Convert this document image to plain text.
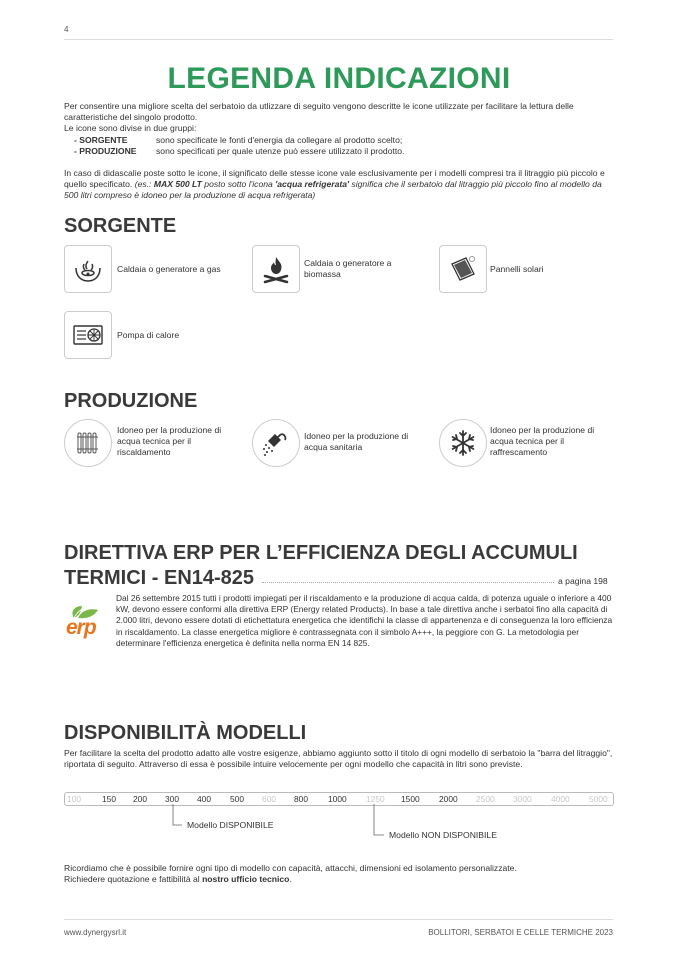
4
LEGENDA INDICAZIONI

Per consentire una migliore scelta del serbatoio da utlizzare di seguito vengono descritte le icone utilizzate per facilitare la lettura delle caratteristiche del singolo prodotto.

Le icone sono divise in due gruppi:

- SORGENTE	sono specificate le fonti d'energia da collegare al prodotto scelto;
- PRODUZIONE	sono specificati per quale utenze può essere utilizzato il prodotto.

In caso di didascalie poste sotto le icone, il significato delle stesse icone vale esclusivamente per i modelli compresi tra il litraggio più piccolo e quello specificato. (es.: MAX 500 LT posto sotto l'icona 'acqua refrigerata' significa che il serbatoio dal litraggio più piccolo fino al modello da 500 litri compreso è idoneo per la produzione di acqua refrigerata)

SORGENTE
Caldaia o generatore a gas
Caldaia o generatore a biomassa	Pannelli solari
Pompa di calore
PRODUZIONE
Idoneo per la produzione di acqua tecnica per il riscaldamento
Idoneo per la produzione di acqua sanitaria
Idoneo per la produzione di acqua tecnica per il raffrescamento
DIRETTIVA ERP PER L’EFFICIENZA DEGLI ACCUMULI
TERMICI - EN14-825	a pagina 198
erp
Dal 26 settembre 2015 tutti i prodotti impiegati per il riscaldamento e la produzione di acqua calda, di potenza uguale o inferiore a 400 kW, devono essere conformi alla direttiva ERP (Energy related Products). In base a tale direttiva anche i serbatoi fino alla capacità di 2.000 litri, devono essere dotati di etichettatura energetica che identifichi la classe di appartenenza e di conseguenza la loro efficienza in riscaldamento. La classe energetica migliore è contrassegnata con il simbolo A+++, la peggiore con G. La metodologia per determinare l'efficienza energetica è definita nella norma EN 14 825.
DISPONIBILITÀ MODELLI
Per facilitare la scelta del prodotto adatto alle vostre esigenze, abbiamo aggiunto sotto il titolo di ogni modello di serbatoio la "barra del litraggio", riportata di seguito. Attraverso di essa è possibile intuire velocemente per ogni modello che capacità in litri sono previste.
100	150 200 300 400 500 600 800 1000 1250 1500 2000 2500 3000 4000 5000
Modello DISPONIBILE
Modello NON DISPONIBILE
Ricordiamo che è possibile fornire ogni tipo di modello con capacità, attacchi, dimensioni ed isolamento personalizzate.
Richiedere quotazione e fattibilità al nostro ufficio tecnico.
www.dynergysrl.it	BOLLITORI, SERBATOI E CELLE TERMICHE 2023
